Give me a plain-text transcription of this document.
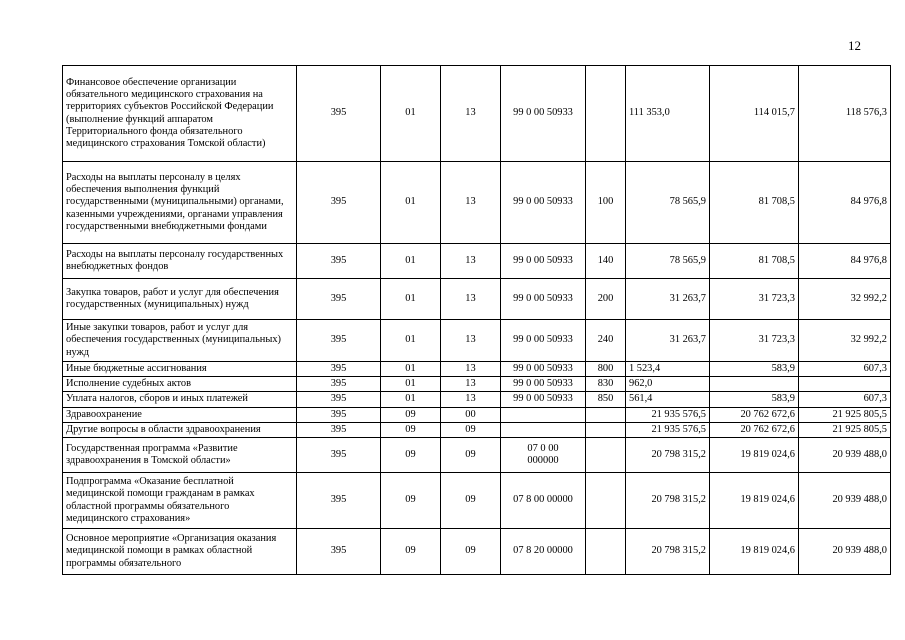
12
Финансовое обеспечение организации обязательного медицинского страхования на территориях субъектов Российской Федерации (выполнение функций аппаратом Территориального фонда обязательного медицинского страхования Томской области)	395	01	13	99 0 00 50933		111 353,0	114 015,7	118 576,3
Расходы на выплаты персоналу в целях обеспечения выполнения функций государственными (муниципальными) органами, казенными учреждениями, органами управления государственными внебюджетными фондами	395	01	13	99 0 00 50933	100	78 565,9	81 708,5	84 976,8
Расходы на выплаты персоналу государственных внебюджетных фондов	395	01	13	99 0 00 50933	140	78 565,9	81 708,5	84 976,8
Закупка товаров, работ и услуг для обеспечения государственных (муниципальных) нужд	395	01	13	99 0 00 50933	200	31 263,7	31 723,3	32 992,2
Иные закупки товаров, работ и услуг для обеспечения государственных (муниципальных) нужд	395	01	13	99 0 00 50933	240	31 263,7	31 723,3	32 992,2
Иные бюджетные ассигнования	395	01	13	99 0 00 50933	800	1 523,4	583,9	607,3
Исполнение судебных актов	395	01	13	99 0 00 50933	830	962,0		
Уплата налогов, сборов и иных платежей	395	01	13	99 0 00 50933	850	561,4	583,9	607,3
Здравоохранение	395	09	00			21 935 576,5	20 762 672,6	21 925 805,5
Другие вопросы в области здравоохранения	395	09	09			21 935 576,5	20 762 672,6	21 925 805,5
Государственная программа «Развитие здравоохранения в Томской области»	395	09	09	07 0 00 000000		20 798 315,2	19 819 024,6	20 939 488,0
Подпрограмма «Оказание бесплатной медицинской помощи гражданам в рамках областной программы обязательного медицинского страхования»	395	09	09	07 8 00 00000		20 798 315,2	19 819 024,6	20 939 488,0
Основное мероприятие «Организация оказания медицинской помощи в рамках областной программы обязательного	395	09	09	07 8 20 00000		20 798 315,2	19 819 024,6	20 939 488,0
